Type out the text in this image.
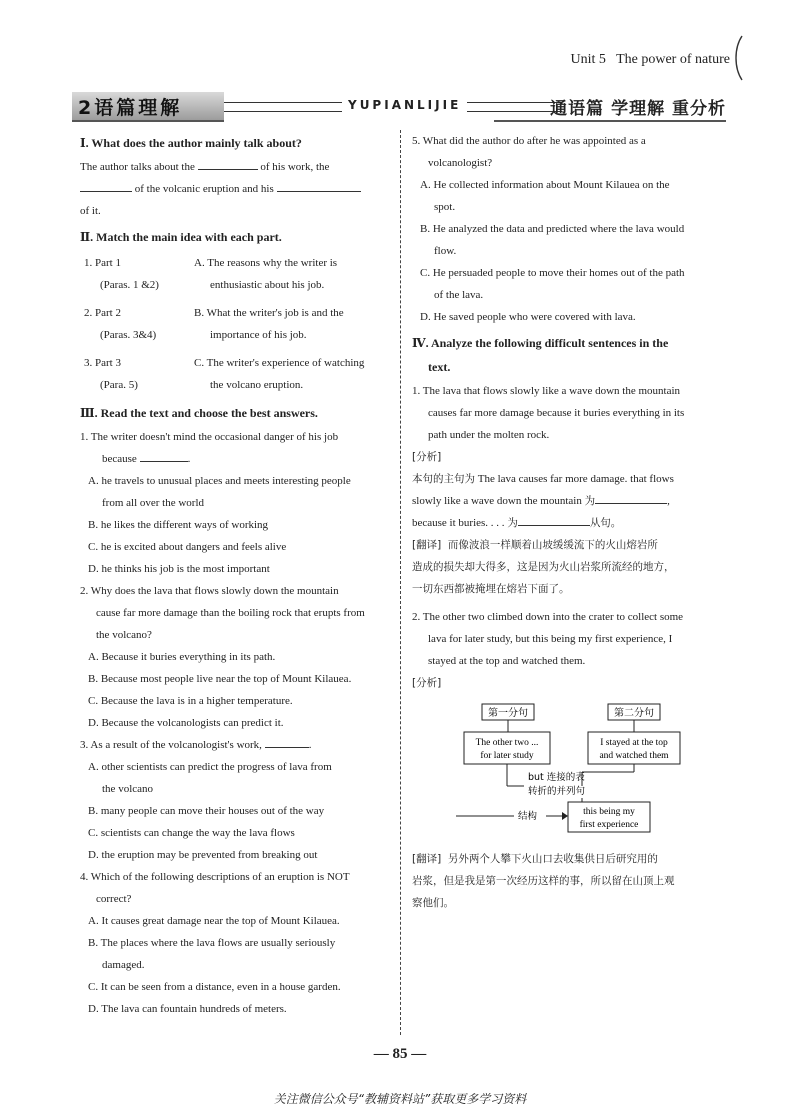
Unit 5 The power of nature
2语篇理解	YUPIANLIJIE	通语篇 学理解 重分析
Ⅰ. What does the author mainly talk about?

The author talks about the	of his work, the

of the volcanic eruption and his

of it.

Ⅱ. Match the main idea with each part.
1. Part 1
(Paras. 1 &2)
A. The reasons why the writer is
enthusiastic about his job.
2. Part 2
(Paras. 3&4)
B. What the writer's job is and the
importance of his job.
3. Part 3
(Para. 5)
C. The writer's experience of watching
the volcano eruption.
Ⅲ. Read the text and choose the best answers.

1. The writer doesn't mind the occasional danger of his job

because	.

A. he travels to unusual places and meets interesting people

from all over the world

B. he likes the different ways of working

C. he is excited about dangers and feels alive

D. he thinks his job is the most important

2. Why does the lava that flows slowly down the mountain

cause far more damage than the boiling rock that erupts from

the volcano?

A. Because it buries everything in its path.

B. Because most people live near the top of Mount Kilauea.

C. Because the lava is in a higher temperature.

D. Because the volcanologists can predict it.

3. As a result of the volcanologist's work,	.

A. other scientists can predict the progress of lava from

the volcano

B. many people can move their houses out of the way

C. scientists can change the way the lava flows

D. the eruption may be prevented from breaking out

4. Which of the following descriptions of an eruption is NOT

correct?

A. It causes great damage near the top of Mount Kilauea.

B. The places where the lava flows are usually seriously

damaged.

C. It can be seen from a distance, even in a house garden.

D. The lava can fountain hundreds of meters.

5. What did the author do after he was appointed as a

volcanologist?

A. He collected information about Mount Kilauea on the

spot.

B. He analyzed the data and predicted where the lava would

flow.

C. He persuaded people to move their homes out of the path

of the lava.

D. He saved people who were covered with lava.

Ⅳ. Analyze the following difficult sentences in the
text.

1. The lava that flows slowly like a wave down the mountain

causes far more damage because it buries everything in its

path under the molten rock.

[分析]

本句的主句为 The lava causes far more damage. that flows

slowly like a wave down the mountain 为	,

because it buries. . . . 为	从句。

[翻译] 而像波浪一样顺着山坡缓缓流下的火山熔岩所

造成的损失却大得多，这是因为火山岩浆所流经的地方，

一切东西都被掩埋在熔岩下面了。

2. The other two climbed down into the crater to collect some

lava for later study, but this being my first experience, I

stayed at the top and watched them.

[分析]

第一分句	第二分句
The other two ...
for later study
I stayed at the top
and watched them
but 连接的表
转折的并列句
结构	this being my
first experience

[翻译] 另外两个人攀下火山口去收集供日后研究用的

岩浆，但是我是第一次经历这样的事，所以留在山顶上观

察他们。

— 85 —
关注微信公众号“教辅资料站”获取更多学习资料
